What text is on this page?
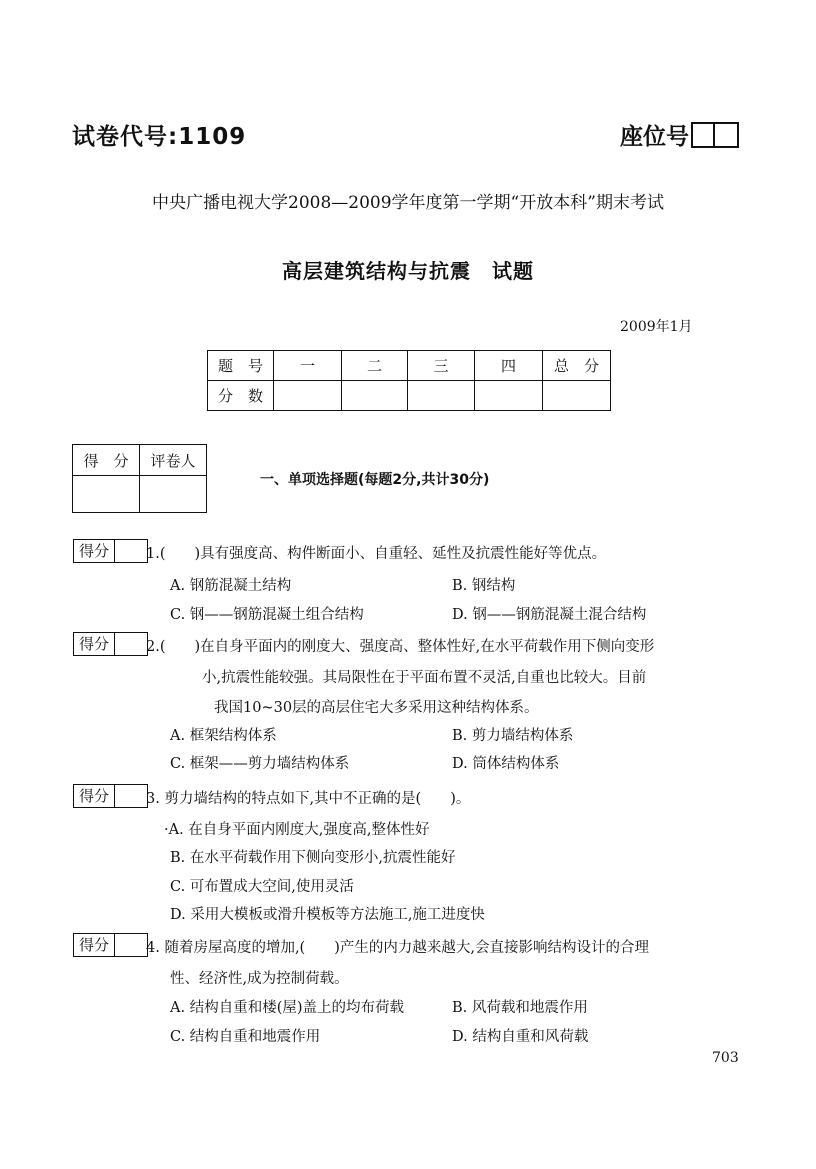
试卷代号:1109	座位号
中央广播电视大学2008—2009学年度第一学期“开放本科”期末考试
高层建筑结构与抗震　试题
2009年1月
题　号	一	二	三	四	总　分
分　数					
得　分	评卷人

一、单项选择题(每题2分,共计30分)
得分	1.(　　)具有强度高、构件断面小、自重轻、延性及抗震性能好等优点。
A. 钢筋混凝土结构	B. 钢结构
C. 钢——钢筋混凝土组合结构	D. 钢——钢筋混凝土混合结构
得分	2.(　　)在自身平面内的刚度大、强度高、整体性好,在水平荷载作用下侧向变形
小,抗震性能较强。其局限性在于平面布置不灵活,自重也比较大。目前
我国10~30层的高层住宅大多采用这种结构体系。
A. 框架结构体系	B. 剪力墙结构体系
C. 框架——剪力墙结构体系	D. 筒体结构体系
得分	3. 剪力墙结构的特点如下,其中不正确的是(　　)。
·A. 在自身平面内刚度大,强度高,整体性好
B. 在水平荷载作用下侧向变形小,抗震性能好
C. 可布置成大空间,使用灵活
D. 采用大模板或滑升模板等方法施工,施工进度快
得分	4. 随着房屋高度的增加,(　　)产生的内力越来越大,会直接影响结构设计的合理
性、经济性,成为控制荷载。
A. 结构自重和楼(屋)盖上的均布荷载	B. 风荷载和地震作用
C. 结构自重和地震作用	D. 结构自重和风荷载
703
